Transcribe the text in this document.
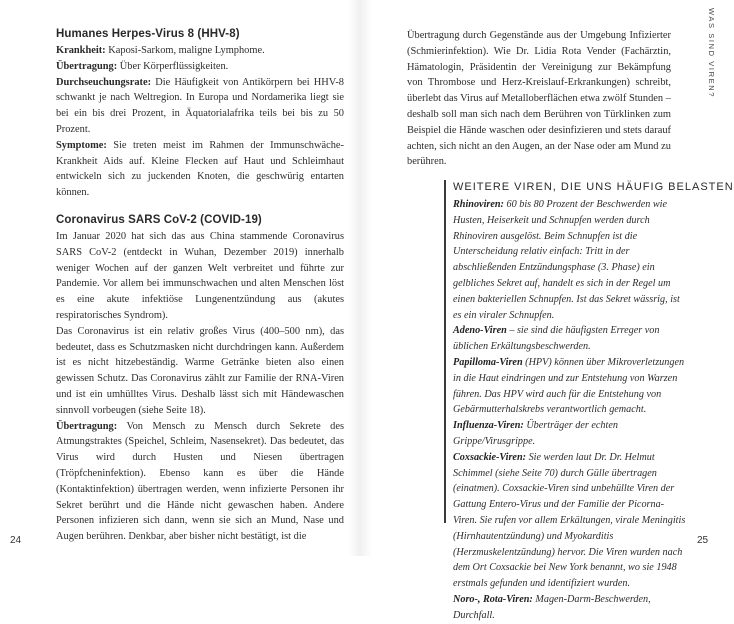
Humanes Herpes-Virus 8 (HHV-8)
Krankheit: Kaposi-Sarkom, maligne Lymphome.
Übertragung: Über Körperflüssigkeiten.
Durchseuchungsrate: Die Häufigkeit von Antikörpern bei HHV-8 schwankt je nach Weltregion. In Europa und Nordamerika liegt sie bei ein bis drei Prozent, in Äquatorialafrika teils bei bis zu 50 Prozent.
Symptome: Sie treten meist im Rahmen der Immunschwäche-Krankheit Aids auf. Kleine Flecken auf Haut und Schleimhaut entwickeln sich zu juckenden Knoten, die geschwürig entarten können.
Coronavirus SARS CoV-2 (COVID-19)
Im Januar 2020 hat sich das aus China stammende Coronavirus SARS CoV-2 (entdeckt in Wuhan, Dezember 2019) innerhalb weniger Wochen auf der ganzen Welt verbreitet und führte zur Pandemie. Vor allem bei immunschwachen und alten Menschen löst es eine akute infektiöse Lungenentzündung aus (akutes respiratorisches Syndrom).
Das Coronavirus ist ein relativ großes Virus (400–500 nm), das bedeutet, dass es Schutzmasken nicht durchdringen kann. Außerdem ist es nicht hitzebeständig. Warme Getränke bieten also einen gewissen Schutz. Das Coronavirus zählt zur Familie der RNA-Viren und ist ein umhülltes Virus. Deshalb lässt sich mit Händewaschen sinnvoll vorbeugen (siehe Seite 18).
Übertragung: Von Mensch zu Mensch durch Sekrete des Atmungstraktes (Speichel, Schleim, Nasensekret). Das bedeutet, das Virus wird durch Husten und Niesen übertragen (Tröpfcheninfektion). Ebenso kann es über die Hände (Kontaktinfektion) übertragen werden, wenn infizierte Personen ihr Sekret berührt und die Hände nicht gewaschen haben. Andere Personen infizieren sich dann, wenn sie sich an Mund, Nase und Augen berühren. Denkbar, aber bisher nicht bestätigt, ist die
24
WAS SIND VIREN?
Übertragung durch Gegenstände aus der Umgebung Infizierter (Schmierinfektion). Wie Dr. Lidia Rota Vender (Fachärztin, Hämatologin, Präsidentin der Vereinigung zur Bekämpfung von Thrombose und Herz-Kreislauf-Erkrankungen) schreibt, überlebt das Virus auf Metalloberflächen etwa zwölf Stunden – deshalb soll man sich nach dem Berühren von Türklinken zum Beispiel die Hände waschen oder desinfizieren und stets darauf achten, sich nicht an den Augen, an der Nase oder am Mund zu berühren.
WEITERE VIREN, DIE UNS HÄUFIG BELASTEN
Rhinoviren: 60 bis 80 Prozent der Beschwerden wie Husten, Heiserkeit und Schnupfen werden durch Rhinoviren ausgelöst. Beim Schnupfen ist die Unterscheidung relativ einfach: Tritt in der abschließenden Entzündungsphase (3. Phase) ein gelbliches Sekret auf, handelt es sich in der Regel um einen bakteriellen Schnupfen. Ist das Sekret wässrig, ist es ein viraler Schnupfen.
Adeno-Viren – sie sind die häufigsten Erreger von üblichen Erkältungsbeschwerden.
Papilloma-Viren (HPV) können über Mikroverletzungen in die Haut eindringen und zur Entstehung von Warzen führen. Das HPV wird auch für die Entstehung von Gebärmutterhalskrebs verantwortlich gemacht.
Influenza-Viren: Überträger der echten Grippe/Virusgrippe.
Coxsackie-Viren: Sie werden laut Dr. Dr. Helmut Schimmel (siehe Seite 70) durch Gülle übertragen (einatmen). Coxsackie-Viren sind unbehüllte Viren der Gattung Entero-Virus und der Familie der Picorna-Viren. Sie rufen vor allem Erkältungen, virale Meningitis (Hirnhautentzündung) und Myokarditis (Herzmuskelentzündung) hervor. Die Viren wurden nach dem Ort Coxsackie bei New York benannt, wo sie 1948 erstmals gefunden und identifiziert wurden.
Noro-, Rota-Viren: Magen-Darm-Beschwerden, Durchfall.
25
